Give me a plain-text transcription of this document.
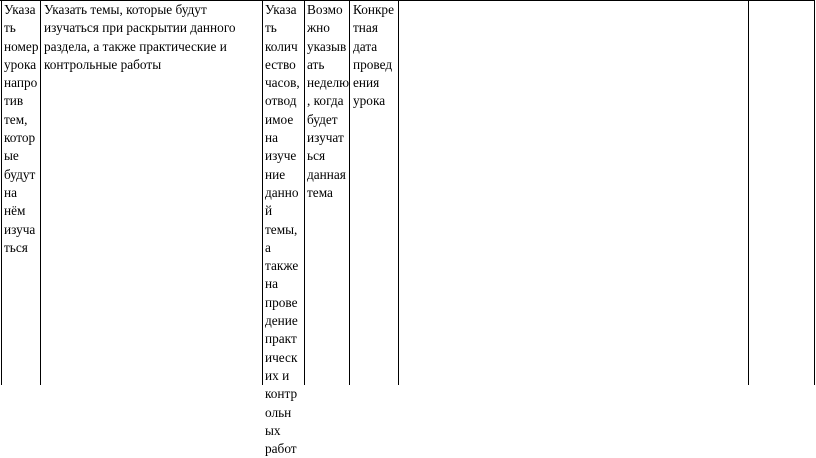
Указа
ть
номер
урока
напро
тив
тем,
котор
ые
будут
на
нём
изуча
ться
Указать темы, которые будут
изучаться при раскрытии данного
раздела, а также практические и
контрольные работы
Указа
ть
колич
ество
часов,
отвод
имое
на
изуче
ние
данно
й
темы,
а
также
на
прове
дение
практ
ическ
их и
контр
ольн
ых
работ
Возмо
жно
указыв
ать
неделю
, когда
будет
изучат
ься
данная
тема
Конкре
тная
дата
провед
ения
урока
